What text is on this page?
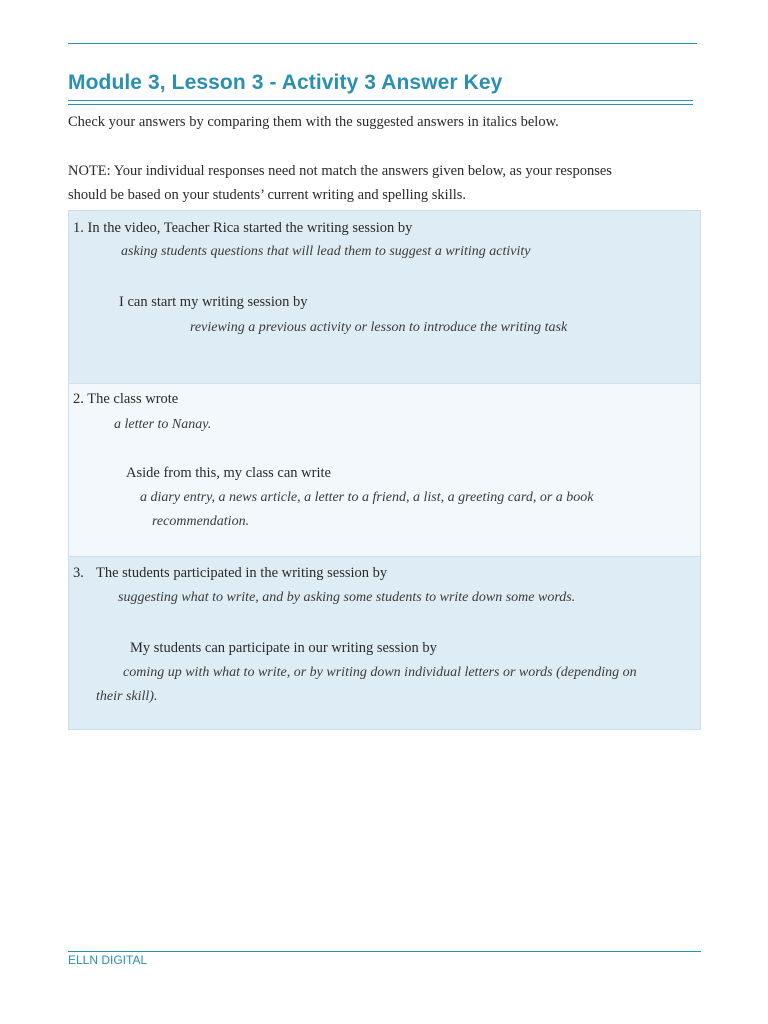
Module 3, Lesson 3 - Activity 3 Answer Key

Check your answers by comparing them with the suggested answers in italics below.

NOTE: Your individual responses need not match the answers given below, as your responses

should be based on your students’ current writing and spelling skills.

1. In the video, Teacher Rica started the writing session by
asking students questions that will lead them to suggest a writing activity
I can start my writing session by
reviewing a previous activity or lesson to introduce the writing task

2. The class wrote
a letter to Nanay.
Aside from this, my class can write
a diary entry, a news article, a letter to a friend, a list, a greeting card, or a book
recommendation.

3. The students participated in the writing session by
suggesting what to write, and by asking some students to write down some words.
My students can participate in our writing session by
coming up with what to write, or by writing down individual letters or words (depending on
their skill).

ELLN DIGITAL
